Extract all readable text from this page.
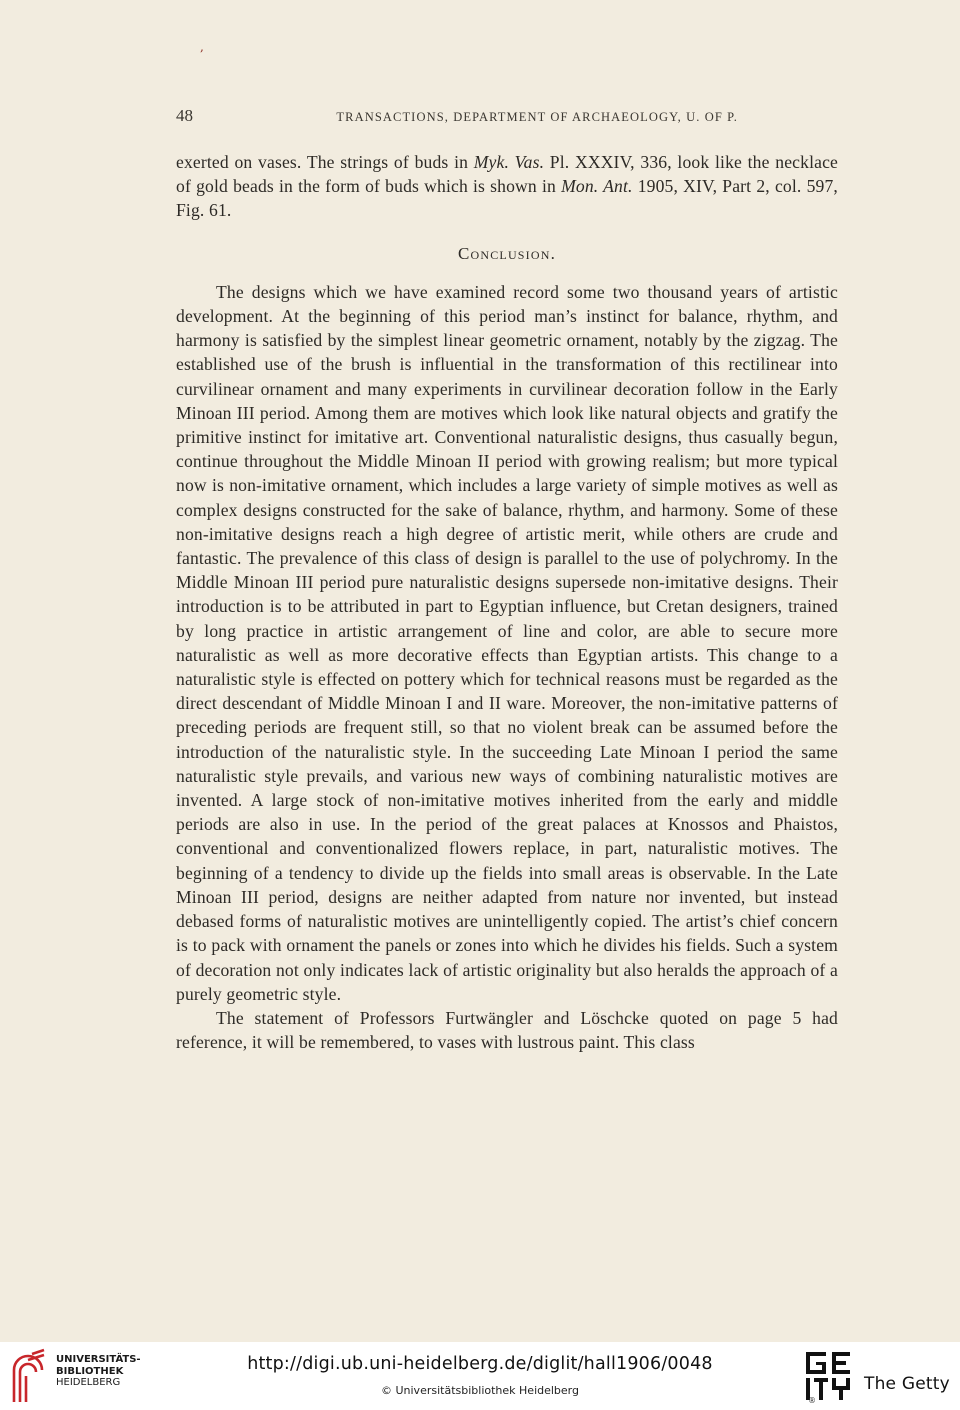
,
48	TRANSACTIONS, DEPARTMENT OF ARCHAEOLOGY, U. OF P.

exerted on vases. The strings of buds in Myk. Vas. Pl. XXXIV, 336, look like the necklace of gold beads in the form of buds which is shown in Mon. Ant. 1905, XIV, Part 2, col. 597, Fig. 61.

Conclusion.

The designs which we have examined record some two thousand years of artistic development. At the beginning of this period man’s instinct for balance, rhythm, and harmony is satisfied by the simplest linear geometric ornament, notably by the zigzag. The established use of the brush is influential in the transformation of this rectilinear into curvilinear ornament and many experiments in curvilinear decoration follow in the Early Minoan III period. Among them are motives which look like natural objects and gratify the primitive instinct for imitative art. Conventional naturalistic designs, thus casually begun, continue throughout the Middle Minoan II period with growing realism; but more typical now is non-imitative ornament, which includes a large variety of simple motives as well as complex designs constructed for the sake of balance, rhythm, and harmony. Some of these non-imitative designs reach a high degree of artistic merit, while others are crude and fantastic. The prevalence of this class of design is parallel to the use of polychromy. In the Middle Minoan III period pure naturalistic designs supersede non-imitative designs. Their introduction is to be attributed in part to Egyptian influence, but Cretan designers, trained by long practice in artistic arrangement of line and color, are able to secure more naturalistic as well as more decorative effects than Egyptian artists. This change to a naturalistic style is effected on pottery which for technical reasons must be regarded as the direct descendant of Middle Minoan I and II ware. Moreover, the non-imitative patterns of preceding periods are frequent still, so that no violent break can be assumed before the introduction of the naturalistic style. In the succeeding Late Minoan I period the same naturalistic style prevails, and various new ways of combining naturalistic motives are invented. A large stock of non-imitative motives inherited from the early and middle periods are also in use. In the period of the great palaces at Knossos and Phaistos, conventional and conventionalized flowers replace, in part, naturalistic motives. The beginning of a tendency to divide up the fields into small areas is observable. In the Late Minoan III period, designs are neither adapted from nature nor invented, but instead debased forms of naturalistic motives are unintelligently copied. The artist’s chief concern is to pack with ornament the panels or zones into which he divides his fields. Such a system of decoration not only indicates lack of artistic originality but also heralds the approach of a purely geometric style.

The statement of Professors Furtwängler and Löschcke quoted on page 5 had reference, it will be remembered, to vases with lustrous paint. This class

UNIVERSITÄTS-
BIBLIOTHEK
HEIDELBERG
http://digi.ub.uni-heidelberg.de/diglit/hall1906/0048
© Universitätsbibliothek Heidelberg
®
The Getty
